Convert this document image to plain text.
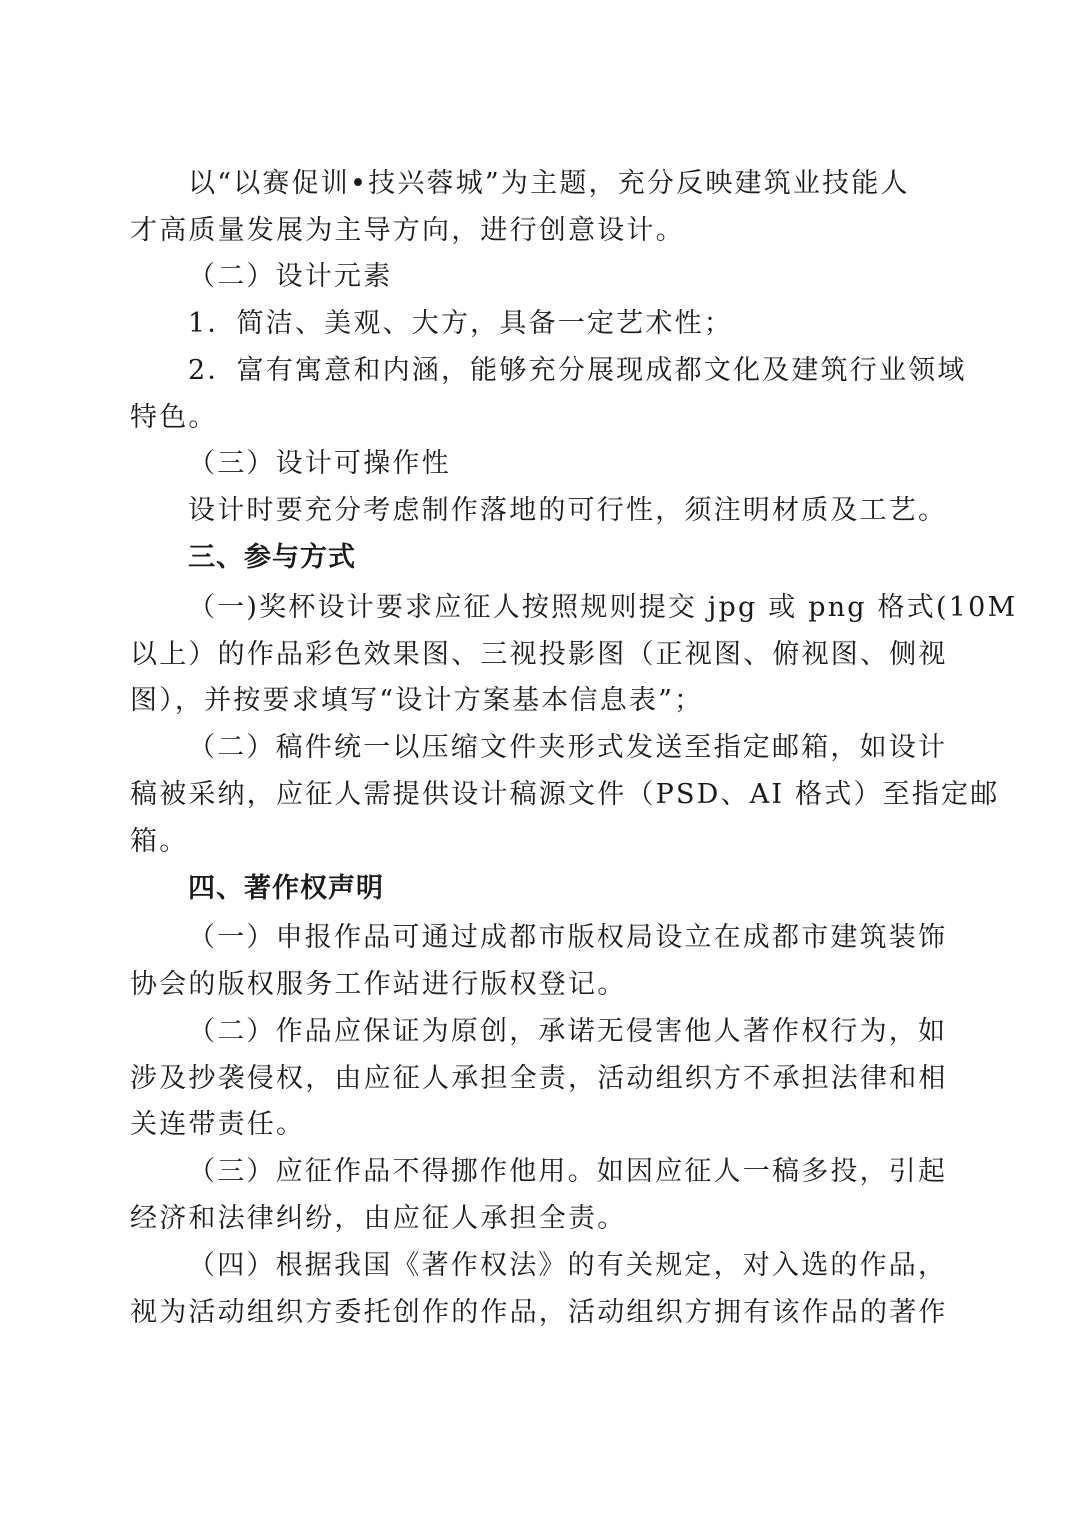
以“以赛促训•技兴蓉城”为主题，充分反映建筑业技能人
才高质量发展为主导方向，进行创意设计。
（二）设计元素
1．简洁、美观、大方，具备一定艺术性；
2．富有寓意和内涵，能够充分展现成都文化及建筑行业领域
特色。
（三）设计可操作性
设计时要充分考虑制作落地的可行性，须注明材质及工艺。
三、参与方式
（一)奖杯设计要求应征人按照规则提交 jpg 或 png 格式(10M
以上）的作品彩色效果图、三视投影图（正视图、俯视图、侧视
图），并按要求填写“设计方案基本信息表”；
（二）稿件统一以压缩文件夹形式发送至指定邮箱，如设计
稿被采纳，应征人需提供设计稿源文件（PSD、AI 格式）至指定邮
箱。
四、著作权声明
（一）申报作品可通过成都市版权局设立在成都市建筑装饰
协会的版权服务工作站进行版权登记。
（二）作品应保证为原创，承诺无侵害他人著作权行为，如
涉及抄袭侵权，由应征人承担全责，活动组织方不承担法律和相
关连带责任。
（三）应征作品不得挪作他用。如因应征人一稿多投，引起
经济和法律纠纷，由应征人承担全责。
（四）根据我国《著作权法》的有关规定，对入选的作品，
视为活动组织方委托创作的作品，活动组织方拥有该作品的著作
